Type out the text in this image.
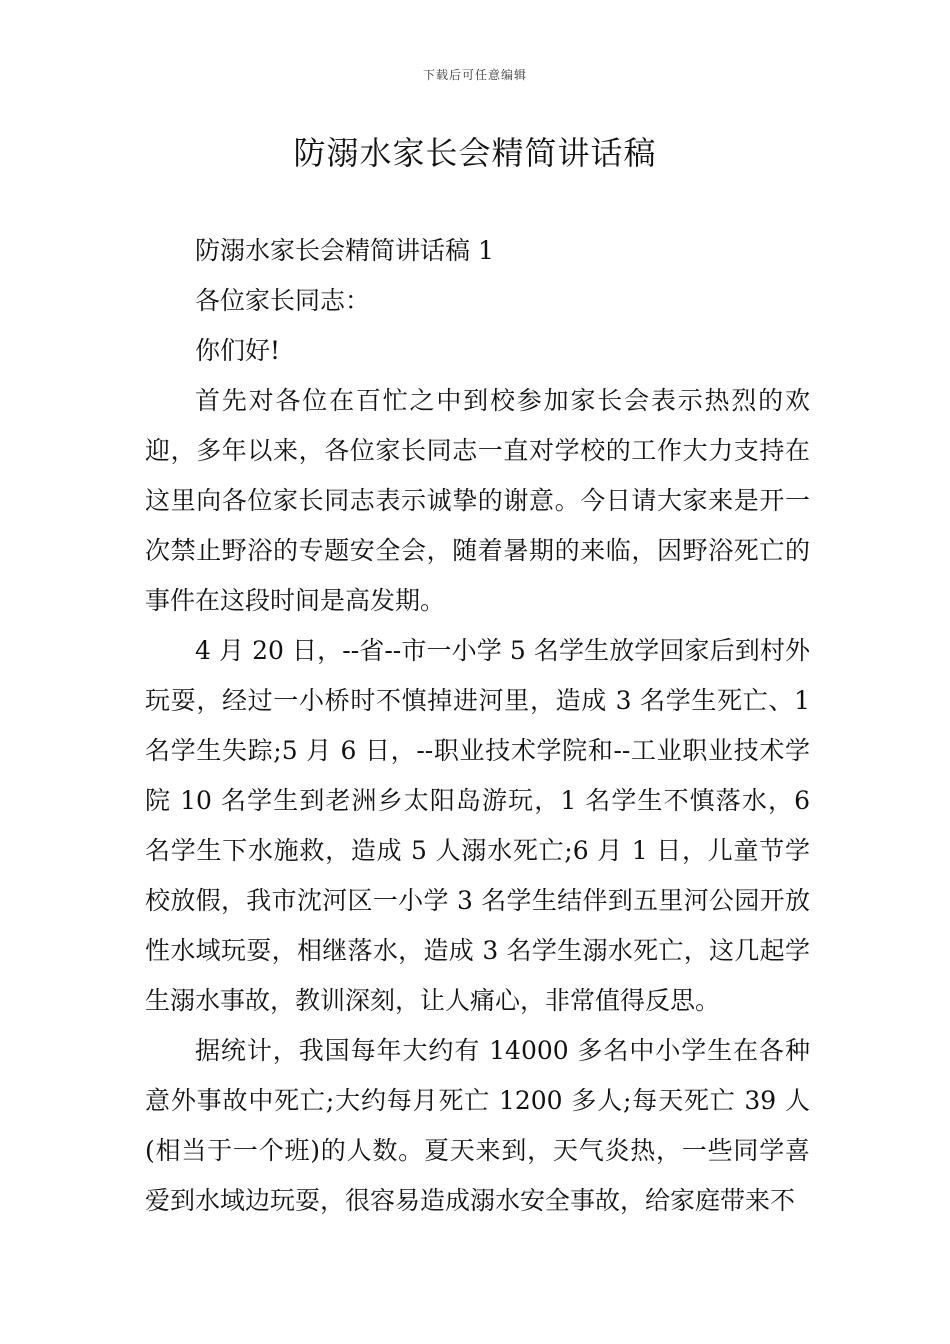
下载后可任意编辑
防溺水家长会精简讲话稿

防溺水家长会精简讲话稿 1

各位家长同志：

你们好!

首先对各位在百忙之中到校参加家长会表示热烈的欢迎，多年以来，各位家长同志一直对学校的工作大力支持在这里向各位家长同志表示诚挚的谢意。今日请大家来是开一次禁止野浴的专题安全会，随着暑期的来临，因野浴死亡的事件在这段时间是高发期。

4 月 20 日，--省--市一小学 5 名学生放学回家后到村外玩耍，经过一小桥时不慎掉进河里，造成 3 名学生死亡、1 名学生失踪;5 月 6 日，--职业技术学院和--工业职业技术学院 10 名学生到老洲乡太阳岛游玩，1 名学生不慎落水，6 名学生下水施救，造成 5 人溺水死亡;6 月 1 日，儿童节学校放假，我市沈河区一小学 3 名学生结伴到五里河公园开放性水域玩耍，相继落水，造成 3 名学生溺水死亡，这几起学生溺水事故，教训深刻，让人痛心，非常值得反思。

据统计，我国每年大约有 14000 多名中小学生在各种意外事故中死亡;大约每月死亡 1200 多人;每天死亡 39 人(相当于一个班)的人数。夏天来到，天气炎热，一些同学喜爱到水域边玩耍，很容易造成溺水安全事故，给家庭带来不
